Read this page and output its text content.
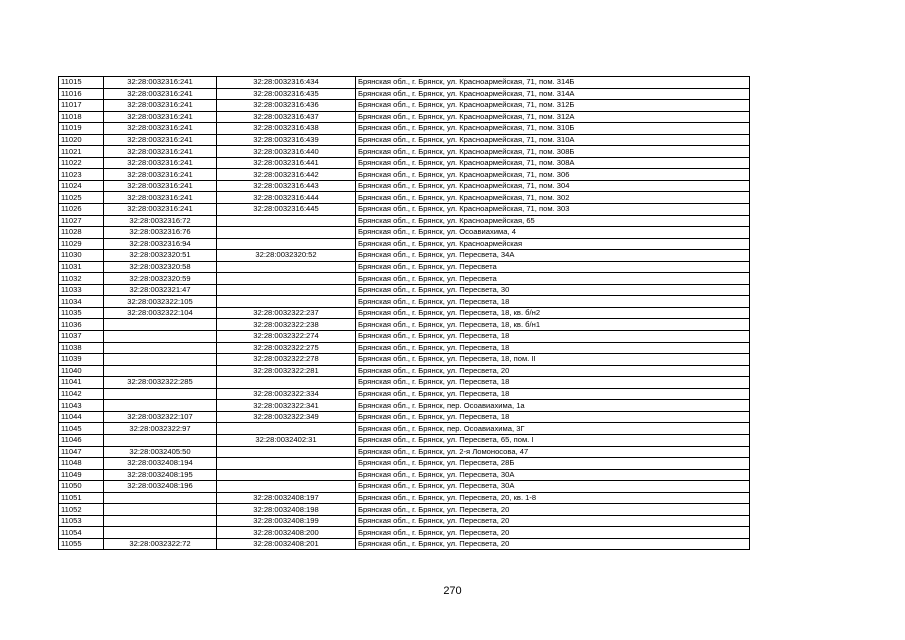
11015	32:28:0032316:241	32:28:0032316:434	Брянская обл., г. Брянск, ул. Красноармейская, 71, пом. 314Б
11016	32:28:0032316:241	32:28:0032316:435	Брянская обл., г. Брянск, ул. Красноармейская, 71, пом. 314А
11017	32:28:0032316:241	32:28:0032316:436	Брянская обл., г. Брянск, ул. Красноармейская, 71, пом. 312Б
11018	32:28:0032316:241	32:28:0032316:437	Брянская обл., г. Брянск, ул. Красноармейская, 71, пом. 312А
11019	32:28:0032316:241	32:28:0032316:438	Брянская обл., г. Брянск, ул. Красноармейская, 71, пом. 310Б
11020	32:28:0032316:241	32:28:0032316:439	Брянская обл., г. Брянск, ул. Красноармейская, 71, пом. 310А
11021	32:28:0032316:241	32:28:0032316:440	Брянская обл., г. Брянск, ул. Красноармейская, 71, пом. 308Б
11022	32:28:0032316:241	32:28:0032316:441	Брянская обл., г. Брянск, ул. Красноармейская, 71, пом. 308А
11023	32:28:0032316:241	32:28:0032316:442	Брянская обл., г. Брянск, ул. Красноармейская, 71, пом. 306
11024	32:28:0032316:241	32:28:0032316:443	Брянская обл., г. Брянск, ул. Красноармейская, 71, пом. 304
11025	32:28:0032316:241	32:28:0032316:444	Брянская обл., г. Брянск, ул. Красноармейская, 71, пом. 302
11026	32:28:0032316:241	32:28:0032316:445	Брянская обл., г. Брянск, ул. Красноармейская, 71, пом. 303
11027	32:28:0032316:72		Брянская обл., г. Брянск, ул. Красноармейская, 65
11028	32:28:0032316:76		Брянская обл., г. Брянск, ул. Осоавиахима, 4
11029	32:28:0032316:94		Брянская обл., г. Брянск, ул. Красноармейская
11030	32:28:0032320:51	32:28:0032320:52	Брянская обл., г. Брянск, ул. Пересвета, 34А
11031	32:28:0032320:58		Брянская обл., г. Брянск, ул. Пересвета
11032	32:28:0032320:59		Брянская обл., г. Брянск, ул. Пересвета
11033	32:28:0032321:47		Брянская обл., г. Брянск, ул. Пересвета, 30
11034	32:28:0032322:105		Брянская обл., г. Брянск, ул. Пересвета, 18
11035	32:28:0032322:104	32:28:0032322:237	Брянская обл., г. Брянск, ул. Пересвета, 18, кв. б/н2
11036		32:28:0032322:238	Брянская обл., г. Брянск, ул. Пересвета, 18, кв. б/н1
11037		32:28:0032322:274	Брянская обл., г. Брянск, ул. Пересвета, 18
11038		32:28:0032322:275	Брянская обл., г. Брянск, ул. Пересвета, 18
11039		32:28:0032322:278	Брянская обл., г. Брянск, ул. Пересвета, 18, пом. II
11040		32:28:0032322:281	Брянская обл., г. Брянск, ул. Пересвета, 20
11041	32:28:0032322:285		Брянская обл., г. Брянск, ул. Пересвета, 18
11042		32:28:0032322:334	Брянская обл., г. Брянск, ул. Пересвета, 18
11043		32:28:0032322:341	Брянская обл., г. Брянск, пер. Осоавиахима, 1а
11044	32:28:0032322:107	32:28:0032322:349	Брянская обл., г. Брянск, ул. Пересвета, 18
11045	32:28:0032322:97		Брянская обл., г. Брянск, пер. Осоавиахима, 3Г
11046		32:28:0032402:31	Брянская обл., г. Брянск, ул. Пересвета, 65, пом. I
11047	32:28:0032405:50		Брянская обл., г. Брянск, ул. 2-я Ломоносова, 47
11048	32:28:0032408:194		Брянская обл., г. Брянск, ул. Пересвета, 28Б
11049	32:28:0032408:195		Брянская обл., г. Брянск, ул. Пересвета, 30А
11050	32:28:0032408:196		Брянская обл., г. Брянск, ул. Пересвета, 30А
11051		32:28:0032408:197	Брянская обл., г. Брянск, ул. Пересвета, 20, кв. 1-8
11052		32:28:0032408:198	Брянская обл., г. Брянск, ул. Пересвета, 20
11053		32:28:0032408:199	Брянская обл., г. Брянск, ул. Пересвета, 20
11054		32:28:0032408:200	Брянская обл., г. Брянск, ул. Пересвета, 20
11055	32:28:0032322:72	32:28:0032408:201	Брянская обл., г. Брянск, ул. Пересвета, 20
270
